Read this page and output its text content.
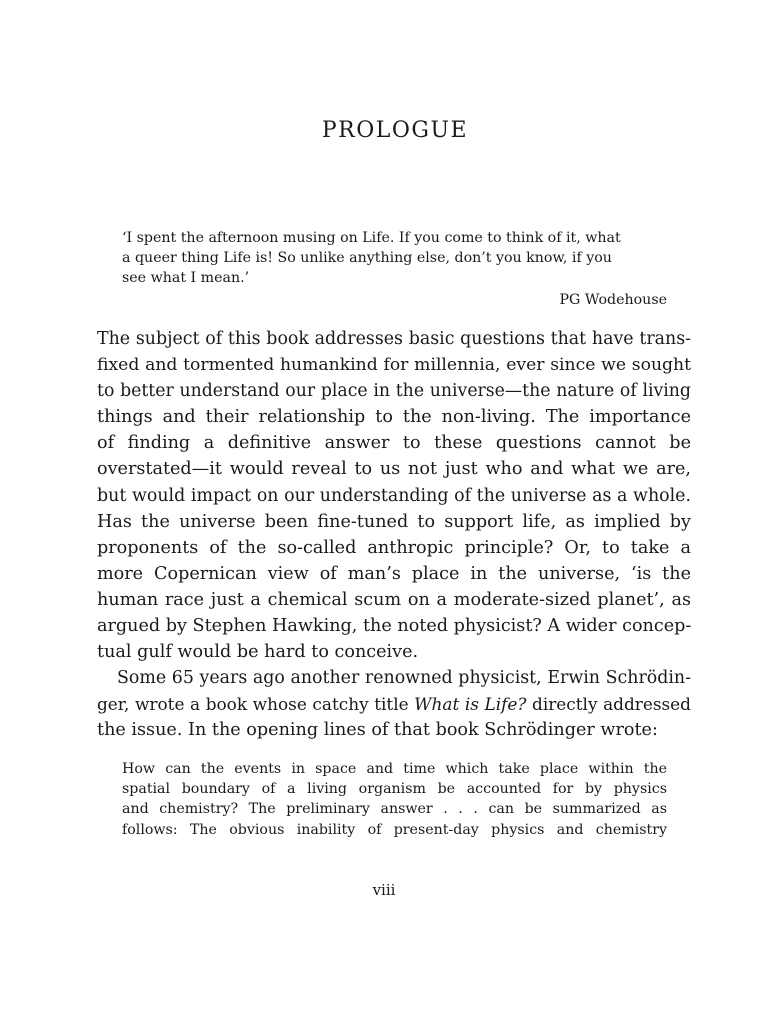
PROLOGUE
‘I spent the afternoon musing on Life. If you come to think of it, what
a queer thing Life is! So unlike anything else, don’t you know, if you
see what I mean.’
PG Wodehouse
The subject of this book addresses basic questions that have trans-
fixed and tormented humankind for millennia, ever since we sought
to better understand our place in the universe—the nature of living
things and their relationship to the non-living. The importance
of finding a definitive answer to these questions cannot be
overstated—it would reveal to us not just who and what we are,
but would impact on our understanding of the universe as a whole.
Has the universe been fine-tuned to support life, as implied by
proponents of the so-called anthropic principle? Or, to take a
more Copernican view of man’s place in the universe, ‘is the
human race just a chemical scum on a moderate-sized planet’, as
argued by Stephen Hawking, the noted physicist? A wider concep-
tual gulf would be hard to conceive.
Some 65 years ago another renowned physicist, Erwin Schrödin-
ger, wrote a book whose catchy title What is Life? directly addressed
the issue. In the opening lines of that book Schrödinger wrote:
How can the events in space and time which take place within the
spatial boundary of a living organism be accounted for by physics
and chemistry? The preliminary answer . . . can be summarized as
follows: The obvious inability of present-day physics and chemistry
viii
